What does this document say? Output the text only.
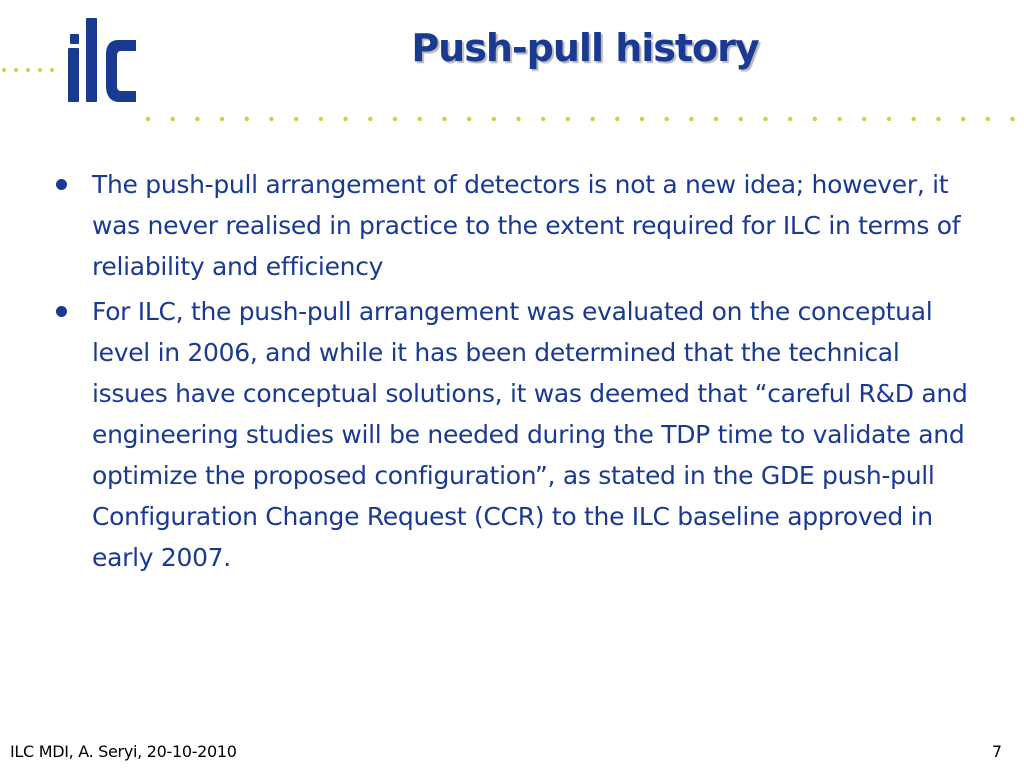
Push-pull history
The push-pull arrangement of detectors is not a new idea; however, it was never realised in practice to the extent required for ILC in terms of reliability and efficiency
For ILC, the push-pull arrangement was evaluated on the conceptual level in 2006, and while it has been determined that the technical issues have conceptual solutions, it was deemed that “careful R&D and engineering studies will be needed during the TDP time to validate and optimize the proposed configuration”, as stated in the GDE push-pull Configuration Change Request (CCR) to the ILC baseline approved in early 2007.
ILC MDI, A. Seryi, 20-10-2010	7
